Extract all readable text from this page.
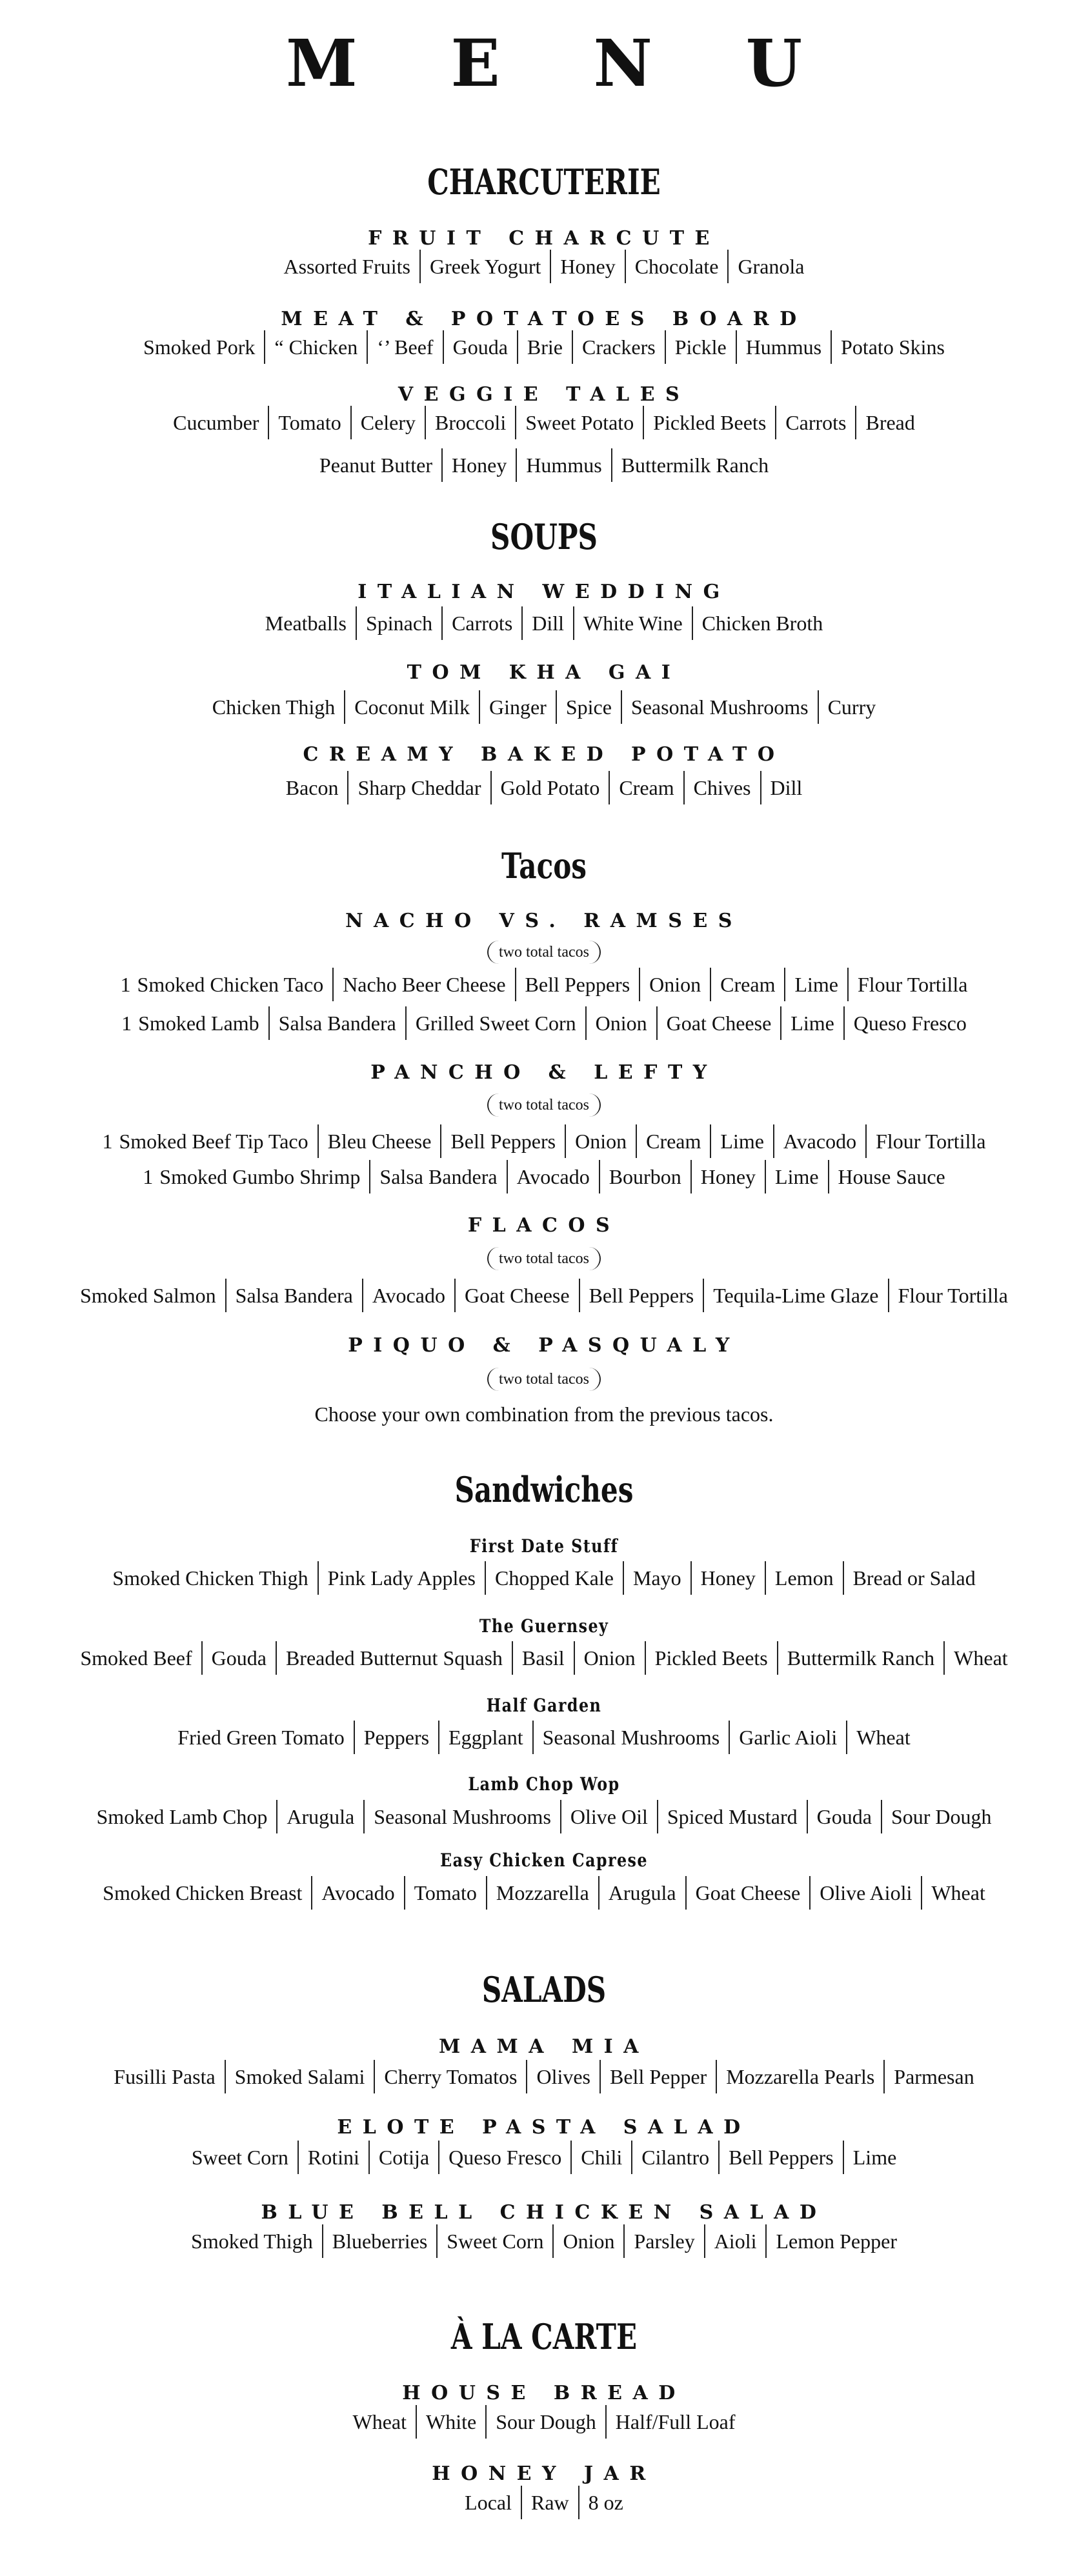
M E N U
CHARCUTERIE
FRUIT CHARCUTE
Assorted Fruits Greek Yogurt Honey Chocolate Granola
MEAT & POTATOES BOARD
Smoked Pork “ Chicken ‘’ Beef Gouda Brie Crackers Pickle Hummus Potato Skins
VEGGIE TALES
Cucumber Tomato Celery Broccoli Sweet Potato Pickled Beets Carrots Bread
Peanut Butter Honey Hummus Buttermilk Ranch
SOUPS
ITALIAN WEDDING
Meatballs Spinach Carrots Dill White Wine Chicken Broth
TOM KHA GAI
Chicken Thigh Coconut Milk Ginger Spice Seasonal Mushrooms Curry
CREAMY BAKED POTATO
Bacon Sharp Cheddar Gold Potato Cream Chives Dill
Tacos
NACHO VS. RAMSES
two total tacos
1 Smoked Chicken Taco Nacho Beer Cheese Bell Peppers Onion Cream Lime Flour Tortilla
1 Smoked Lamb Salsa Bandera Grilled Sweet Corn Onion Goat Cheese Lime Queso Fresco
PANCHO & LEFTY
two total tacos
1 Smoked Beef Tip Taco Bleu Cheese Bell Peppers Onion Cream Lime Avacodo Flour Tortilla
1 Smoked Gumbo Shrimp Salsa Bandera Avocado Bourbon Honey Lime House Sauce
FLACOS
two total tacos
Smoked Salmon Salsa Bandera Avocado Goat Cheese Bell Peppers Tequila-Lime Glaze Flour Tortilla
PIQUO & PASQUALY
two total tacos
Choose your own combination from the previous tacos.
Sandwiches
First Date Stuff
Smoked Chicken Thigh Pink Lady Apples Chopped Kale Mayo Honey Lemon Bread or Salad
The Guernsey
Smoked Beef Gouda Breaded Butternut Squash Basil Onion Pickled Beets Buttermilk Ranch Wheat
Half Garden
Fried Green Tomato Peppers Eggplant Seasonal Mushrooms Garlic Aioli Wheat
Lamb Chop Wop
Smoked Lamb Chop Arugula Seasonal Mushrooms Olive Oil Spiced Mustard Gouda Sour Dough
Easy Chicken Caprese
Smoked Chicken Breast Avocado Tomato Mozzarella Arugula Goat Cheese Olive Aioli Wheat
SALADS
MAMA MIA
Fusilli Pasta Smoked Salami Cherry Tomatos Olives Bell Pepper Mozzarella Pearls Parmesan
ELOTE PASTA SALAD
Sweet Corn Rotini Cotija Queso Fresco Chili Cilantro Bell Peppers Lime
BLUE BELL CHICKEN SALAD
Smoked Thigh Blueberries Sweet Corn Onion Parsley Aioli Lemon Pepper
À LA CARTE
HOUSE BREAD
Wheat White Sour Dough Half/Full Loaf
HONEY JAR
Local Raw 8 oz
